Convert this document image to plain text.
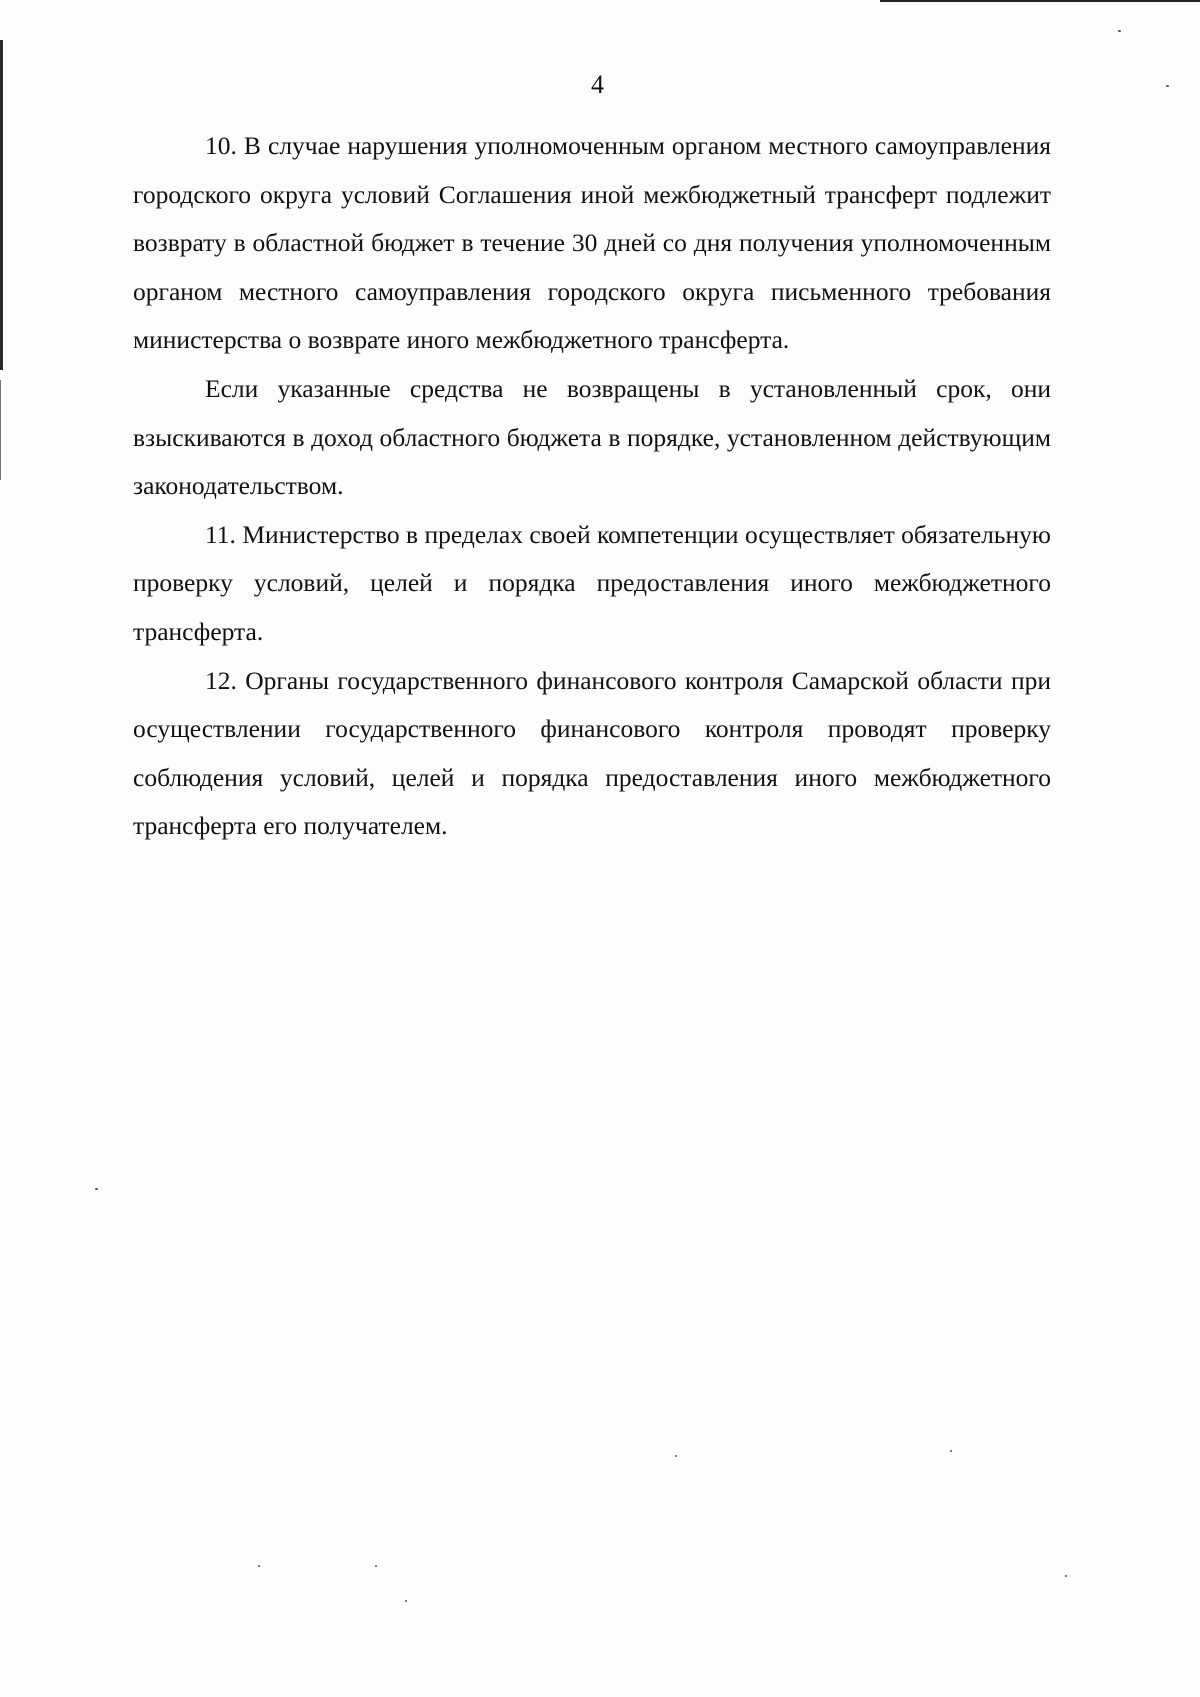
4

10. В случае нарушения уполномоченным органом местного самоуправления городского округа условий Соглашения иной межбюджетный трансферт подлежит возврату в областной бюджет в течение 30 дней со дня получения уполномоченным органом местного самоуправления городского округа письменного требования министерства о возврате иного межбюджетного трансферта.

Если указанные средства не возвращены в установленный срок, они взыскиваются в доход областного бюджета в порядке, установленном действующим законодательством.

11. Министерство в пределах своей компетенции осуществляет обязательную проверку условий, целей и порядка предоставления иного межбюджетного трансферта.

12. Органы государственного финансового контроля Самарской области при осуществлении государственного финансового контроля проводят проверку соблюдения условий, целей и порядка предоставления иного межбюджетного трансферта его получателем.
